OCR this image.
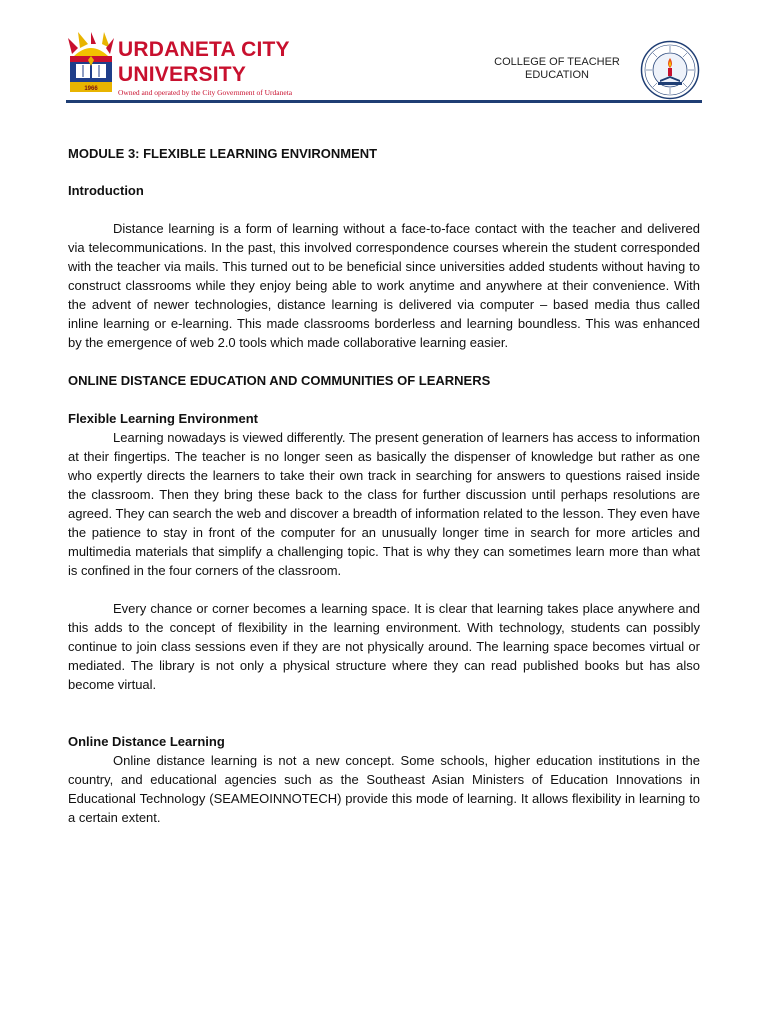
1966
URDANETA CITY
UNIVERSITY
Owned and operated by the City Government of Urdaneta
COLLEGE OF TEACHER
EDUCATION

MODULE 3: FLEXIBLE LEARNING ENVIRONMENT

Introduction

Distance learning is a form of learning without a face-to-face contact with the teacher and delivered via telecommunications. In the past, this involved correspondence courses wherein the student corresponded with the teacher via mails. This turned out to be beneficial since universities added students without having to construct classrooms while they enjoy being able to work anytime and anywhere at their convenience. With the advent of newer technologies, distance learning is delivered via computer – based media thus called inline learning or e-learning. This made classrooms borderless and learning boundless. This was enhanced by the emergence of web 2.0 tools which made collaborative learning easier.

ONLINE DISTANCE EDUCATION AND COMMUNITIES OF LEARNERS

Flexible Learning Environment

Learning nowadays is viewed differently. The present generation of learners has access to information at their fingertips. The teacher is no longer seen as basically the dispenser of knowledge but rather as one who expertly directs the learners to take their own track in searching for answers to questions raised inside the classroom. Then they bring these back to the class for further discussion until perhaps resolutions are agreed. They can search the web and discover a breadth of information related to the lesson. They even have the patience to stay in front of the computer for an unusually longer time in search for more articles and multimedia materials that simplify a challenging topic. That is why they can sometimes learn more than what is confined in the four corners of the classroom.

Every chance or corner becomes a learning space. It is clear that learning takes place anywhere and this adds to the concept of flexibility in the learning environment. With technology, students can possibly continue to join class sessions even if they are not physically around. The learning space becomes virtual or mediated. The library is not only a physical structure where they can read published books but has also become virtual.

Online Distance Learning

Online distance learning is not a new concept. Some schools, higher education institutions in the country, and educational agencies such as the Southeast Asian Ministers of Education Innovations in Educational Technology (SEAMEOINNOTECH) provide this mode of learning. It allows flexibility in learning to a certain extent.
